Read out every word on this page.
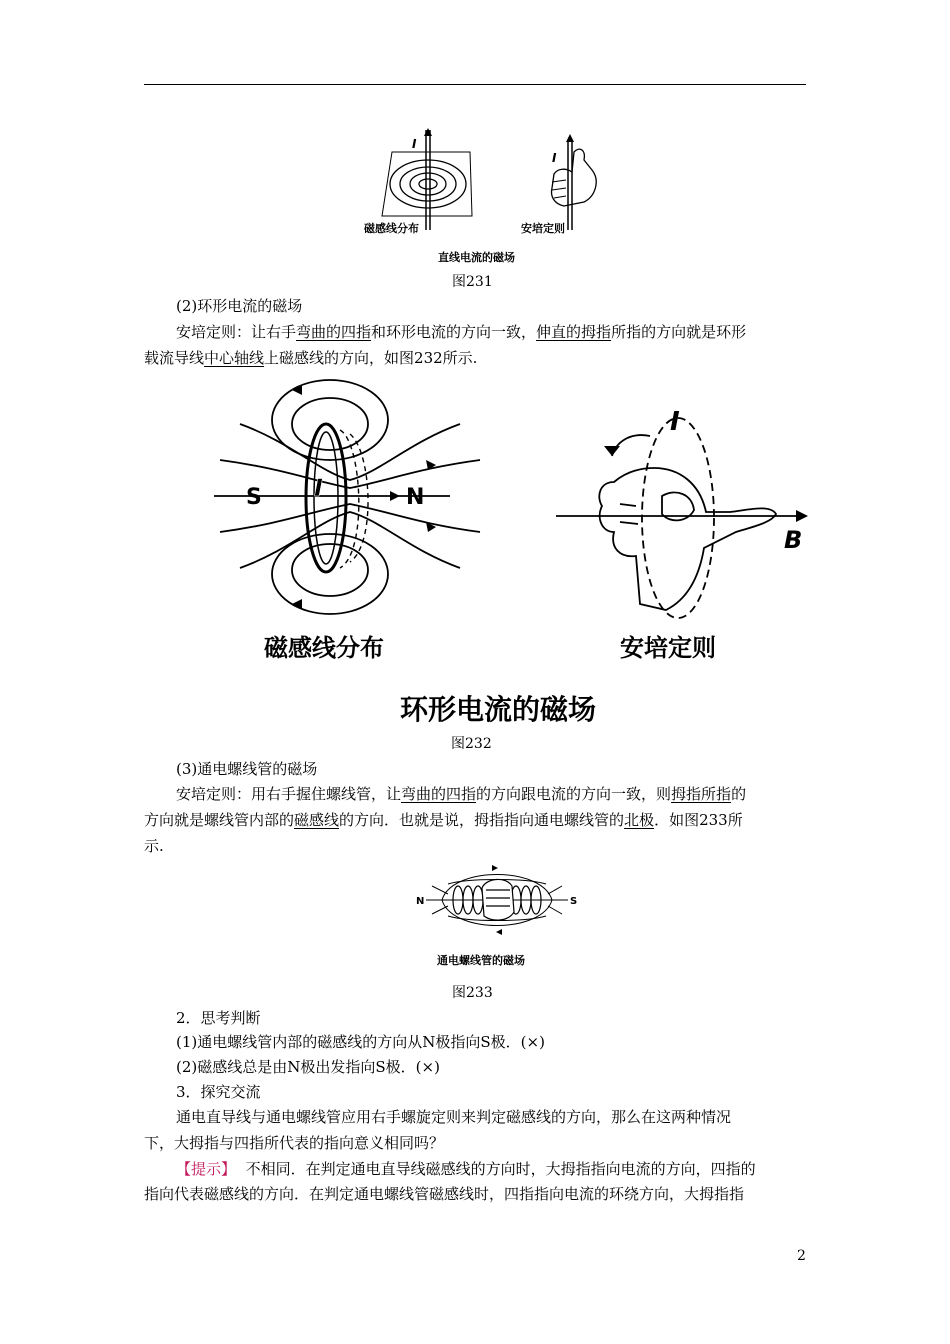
I
I
磁感线分布	安培定则
直线电流的磁场
图231
(2)环形电流的磁场
安培定则：让右手弯曲的四指和环形电流的方向一致，伸直的拇指所指的方向就是环形
载流导线中心轴线上磁感线的方向，如图232所示.
S I	N
I
B
磁感线分布	安培定则
环形电流的磁场
图232
(3)通电螺线管的磁场
安培定则：用右手握住螺线管，让弯曲的四指的方向跟电流的方向一致，则拇指所指的
方向就是螺线管内部的磁感线的方向．也就是说，拇指指向通电螺线管的北极．如图233所
示.
N	S
通电螺线管的磁场
图233
2．思考判断
(1)通电螺线管内部的磁感线的方向从N极指向S极．(×)
(2)磁感线总是由N极出发指向S极．(×)
3．探究交流
通电直导线与通电螺线管应用右手螺旋定则来判定磁感线的方向，那么在这两种情况
下，大拇指与四指所代表的指向意义相同吗？
【提示】 不相同．在判定通电直导线磁感线的方向时，大拇指指向电流的方向，四指的
指向代表磁感线的方向．在判定通电螺线管磁感线时，四指指向电流的环绕方向，大拇指指
2
